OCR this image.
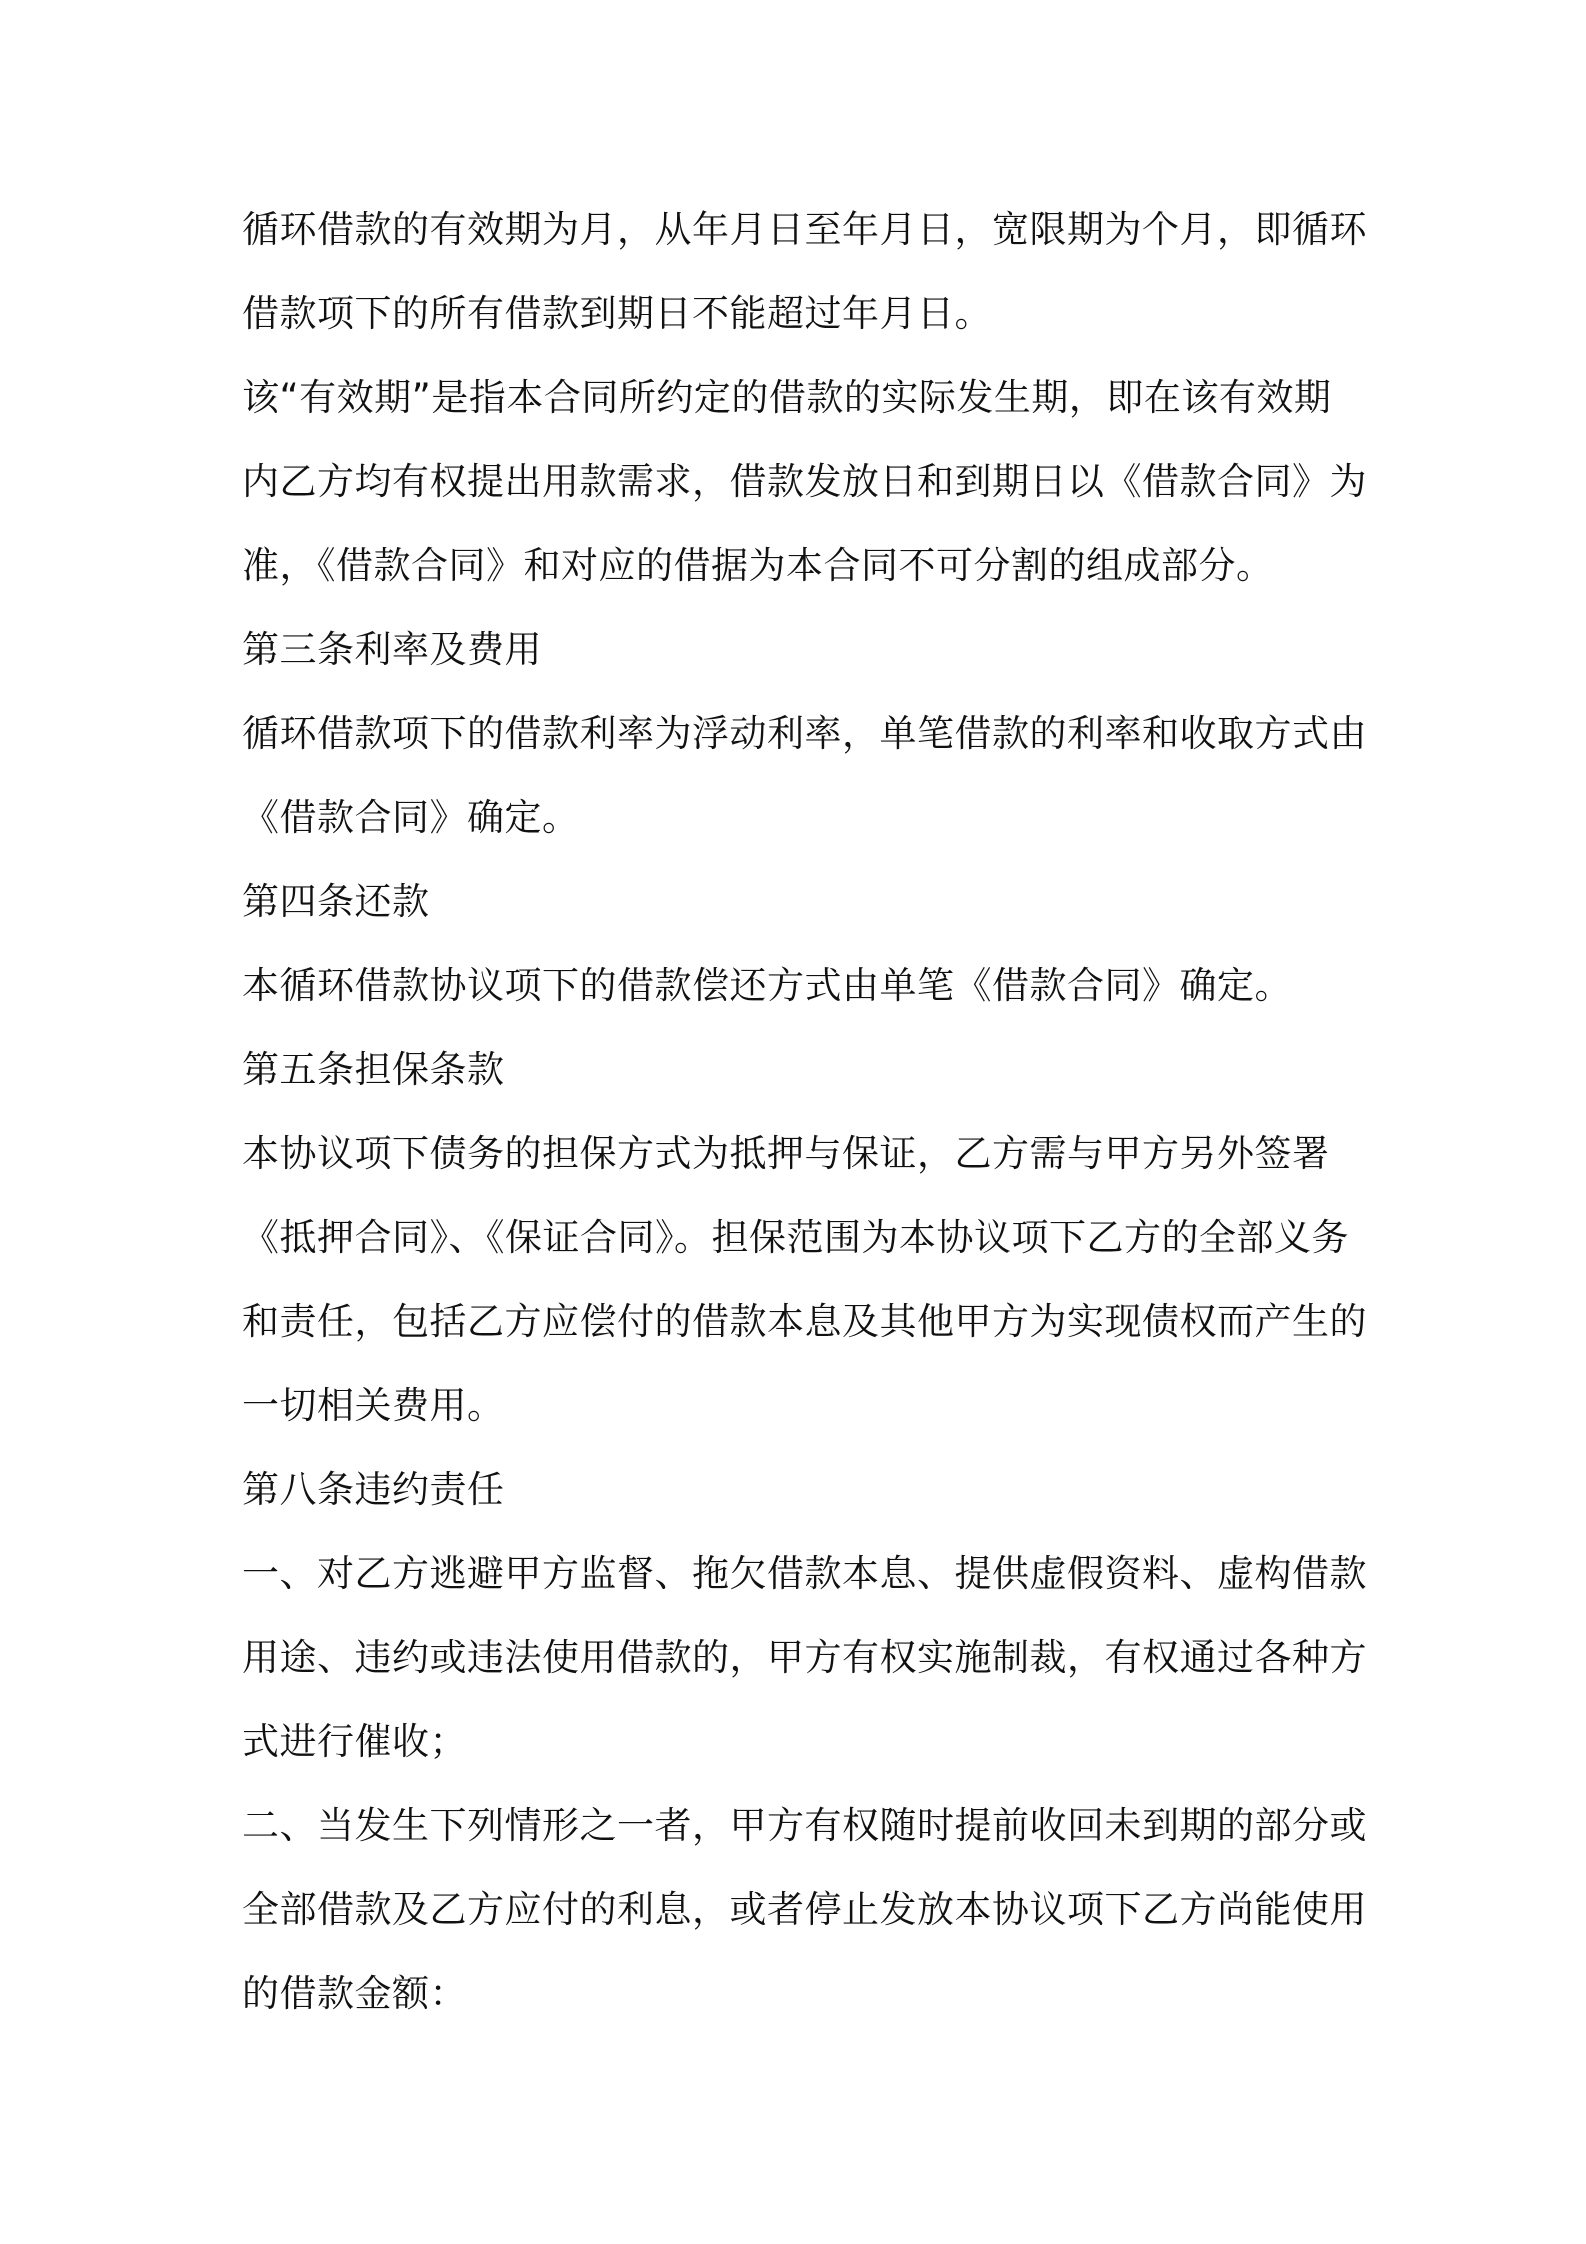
循环借款的有效期为月，从年月日至年月日，宽限期为个月，即循环
借款项下的所有借款到期日不能超过年月日。
该“有效期”是指本合同所约定的借款的实际发生期，即在该有效期
内乙方均有权提出用款需求，借款发放日和到期日以《借款合同》为
准，《借款合同》和对应的借据为本合同不可分割的组成部分。
第三条利率及费用
循环借款项下的借款利率为浮动利率，单笔借款的利率和收取方式由
《借款合同》确定。
第四条还款
本循环借款协议项下的借款偿还方式由单笔《借款合同》确定。
第五条担保条款
本协议项下债务的担保方式为抵押与保证，乙方需与甲方另外签署
《抵押合同》、《保证合同》。担保范围为本协议项下乙方的全部义务
和责任，包括乙方应偿付的借款本息及其他甲方为实现债权而产生的
一切相关费用。
第八条违约责任
一、对乙方逃避甲方监督、拖欠借款本息、提供虚假资料、虚构借款
用途、违约或违法使用借款的，甲方有权实施制裁，有权通过各种方
式进行催收；
二、当发生下列情形之一者，甲方有权随时提前收回未到期的部分或
全部借款及乙方应付的利息，或者停止发放本协议项下乙方尚能使用
的借款金额：
